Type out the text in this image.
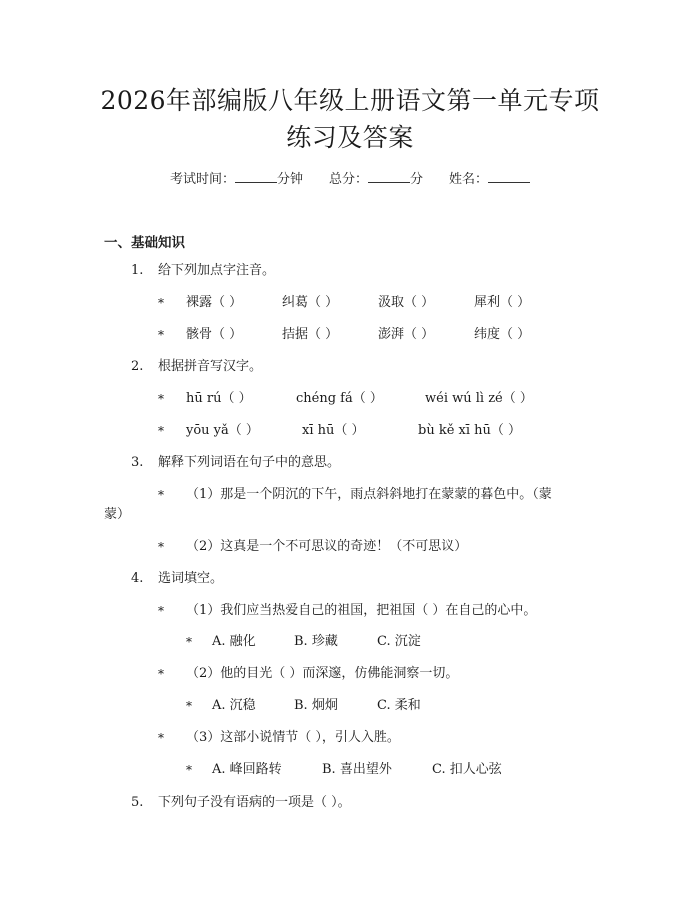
2026年部编版八年级上册语文第一单元专项
练习及答案
考试时间：	分钟 总分：	分 姓名：
一、基础知识
1. 给下列加点字注音。
* 裸露（ ）	纠葛（ ）	汲取（ ）	犀利（ ）
* 骸骨（ ）	拮据（ ）	澎湃（ ）	纬度（ ）
2. 根据拼音写汉字。
* hū rú（ ）	chéng fá（ ）	wéi wú lì zé（ ）
* yōu yǎ（ ）	xī hū（ ）	bù kě xī hū（ ）
3. 解释下列词语在句子中的意思。
* （1）那是一个阴沉的下午，雨点斜斜地打在蒙蒙的暮色中。（蒙
蒙）
* （2）这真是一个不可思议的奇迹！（不可思议）
4. 选词填空。
* （1）我们应当热爱自己的祖国，把祖国（ ）在自己的心中。
* A. 融化	B. 珍藏	C. 沉淀
* （2）他的目光（ ）而深邃，仿佛能洞察一切。
* A. 沉稳	B. 炯炯	C. 柔和
* （3）这部小说情节（ ），引人入胜。
* A. 峰回路转	B. 喜出望外	C. 扣人心弦
5. 下列句子没有语病的一项是（ ）。
